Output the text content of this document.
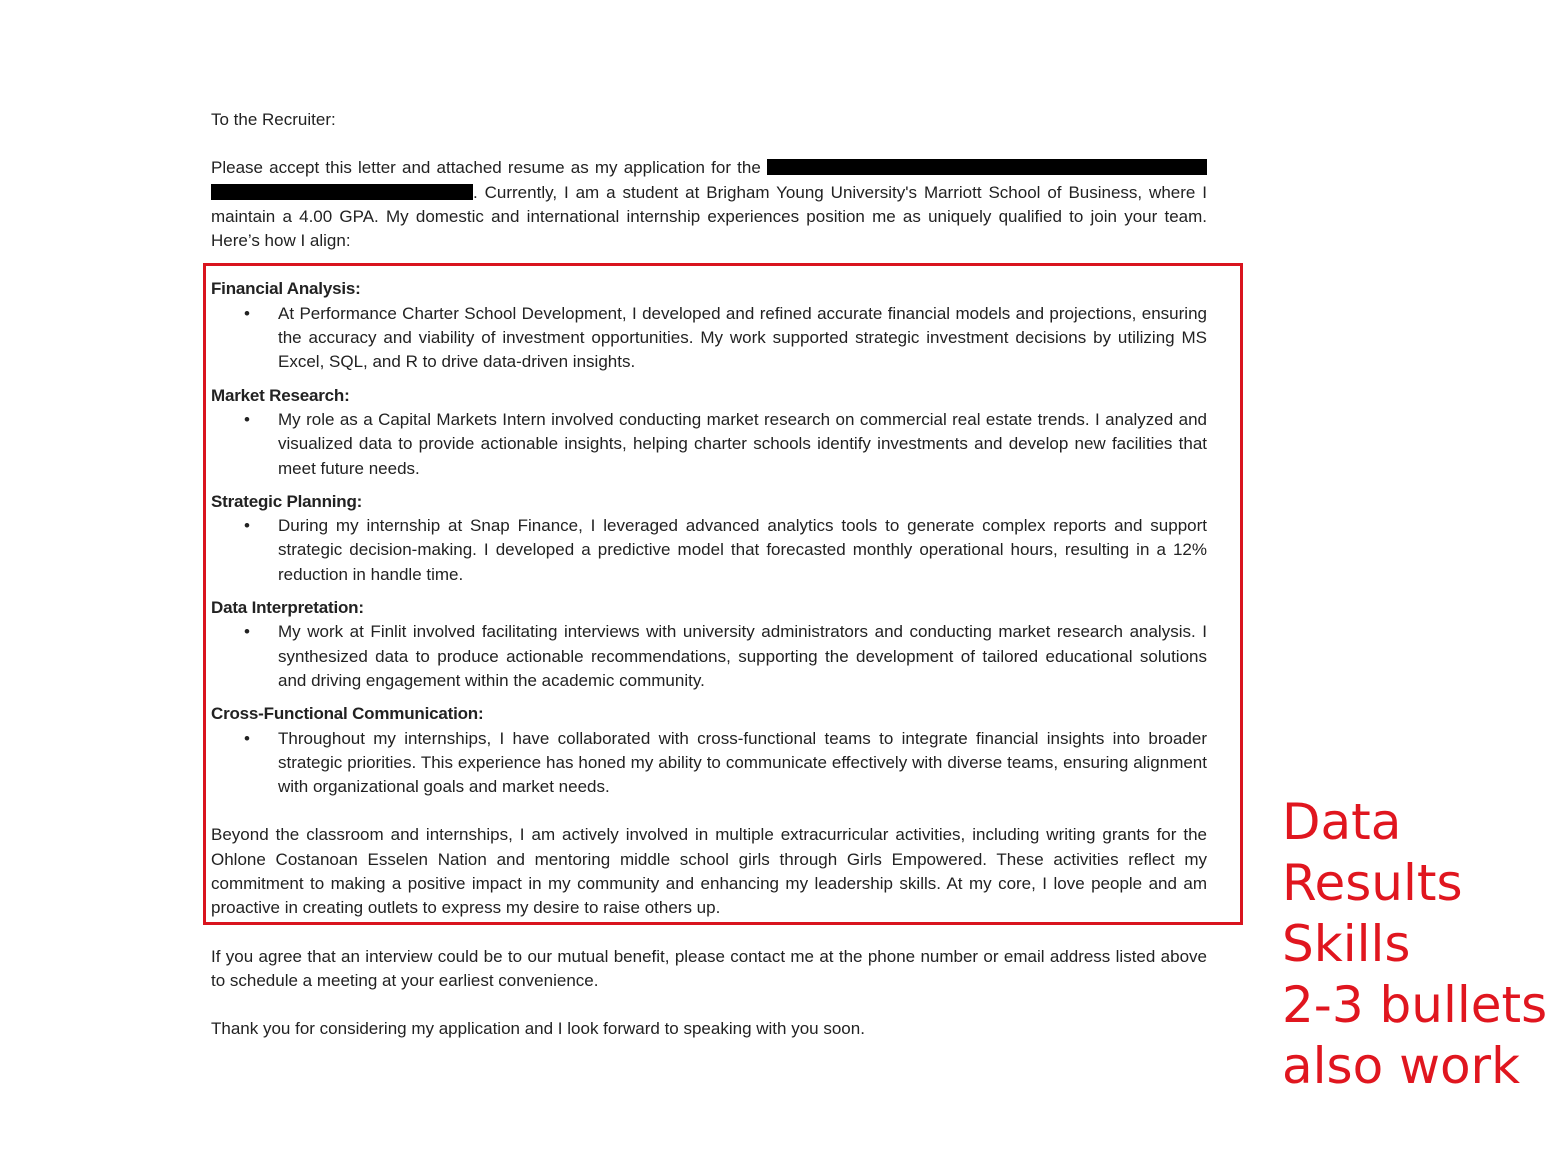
To the Recruiter:

Please accept this letter and attached resume as my application for the  . Currently, I am a student at Brigham Young University's Marriott School of Business, where I maintain a 4.00 GPA. My domestic and international internship experiences position me as uniquely qualified to join your team. Here’s how I align:

Financial Analysis:
•	At Performance Charter School Development, I developed and refined accurate financial models and projections, ensuring the accuracy and viability of investment opportunities. My work supported strategic investment decisions by utilizing MS Excel, SQL, and R to drive data-driven insights.
Market Research:
•	My role as a Capital Markets Intern involved conducting market research on commercial real estate trends. I analyzed and visualized data to provide actionable insights, helping charter schools identify investments and develop new facilities that meet future needs.
Strategic Planning:
•	During my internship at Snap Finance, I leveraged advanced analytics tools to generate complex reports and support strategic decision-making. I developed a predictive model that forecasted monthly operational hours, resulting in a 12% reduction in handle time.
Data Interpretation:
•	My work at Finlit involved facilitating interviews with university administrators and conducting market research analysis. I synthesized data to produce actionable recommendations, supporting the development of tailored educational solutions and driving engagement within the academic community.
Cross-Functional Communication:
•	Throughout my internships, I have collaborated with cross-functional teams to integrate financial insights into broader strategic priorities. This experience has honed my ability to communicate effectively with diverse teams, ensuring alignment with organizational goals and market needs.

Beyond the classroom and internships, I am actively involved in multiple extracurricular activities, including writing grants for the Ohlone Costanoan Esselen Nation and mentoring middle school girls through Girls Empowered. These activities reflect my commitment to making a positive impact in my community and enhancing my leadership skills. At my core, I love people and am proactive in creating outlets to express my desire to raise others up.

If you agree that an interview could be to our mutual benefit, please contact me at the phone number or email address listed above to schedule a meeting at your earliest convenience.

Thank you for considering my application and I look forward to speaking with you soon.

Data
Results
Skills
2-3 bullets
also work
